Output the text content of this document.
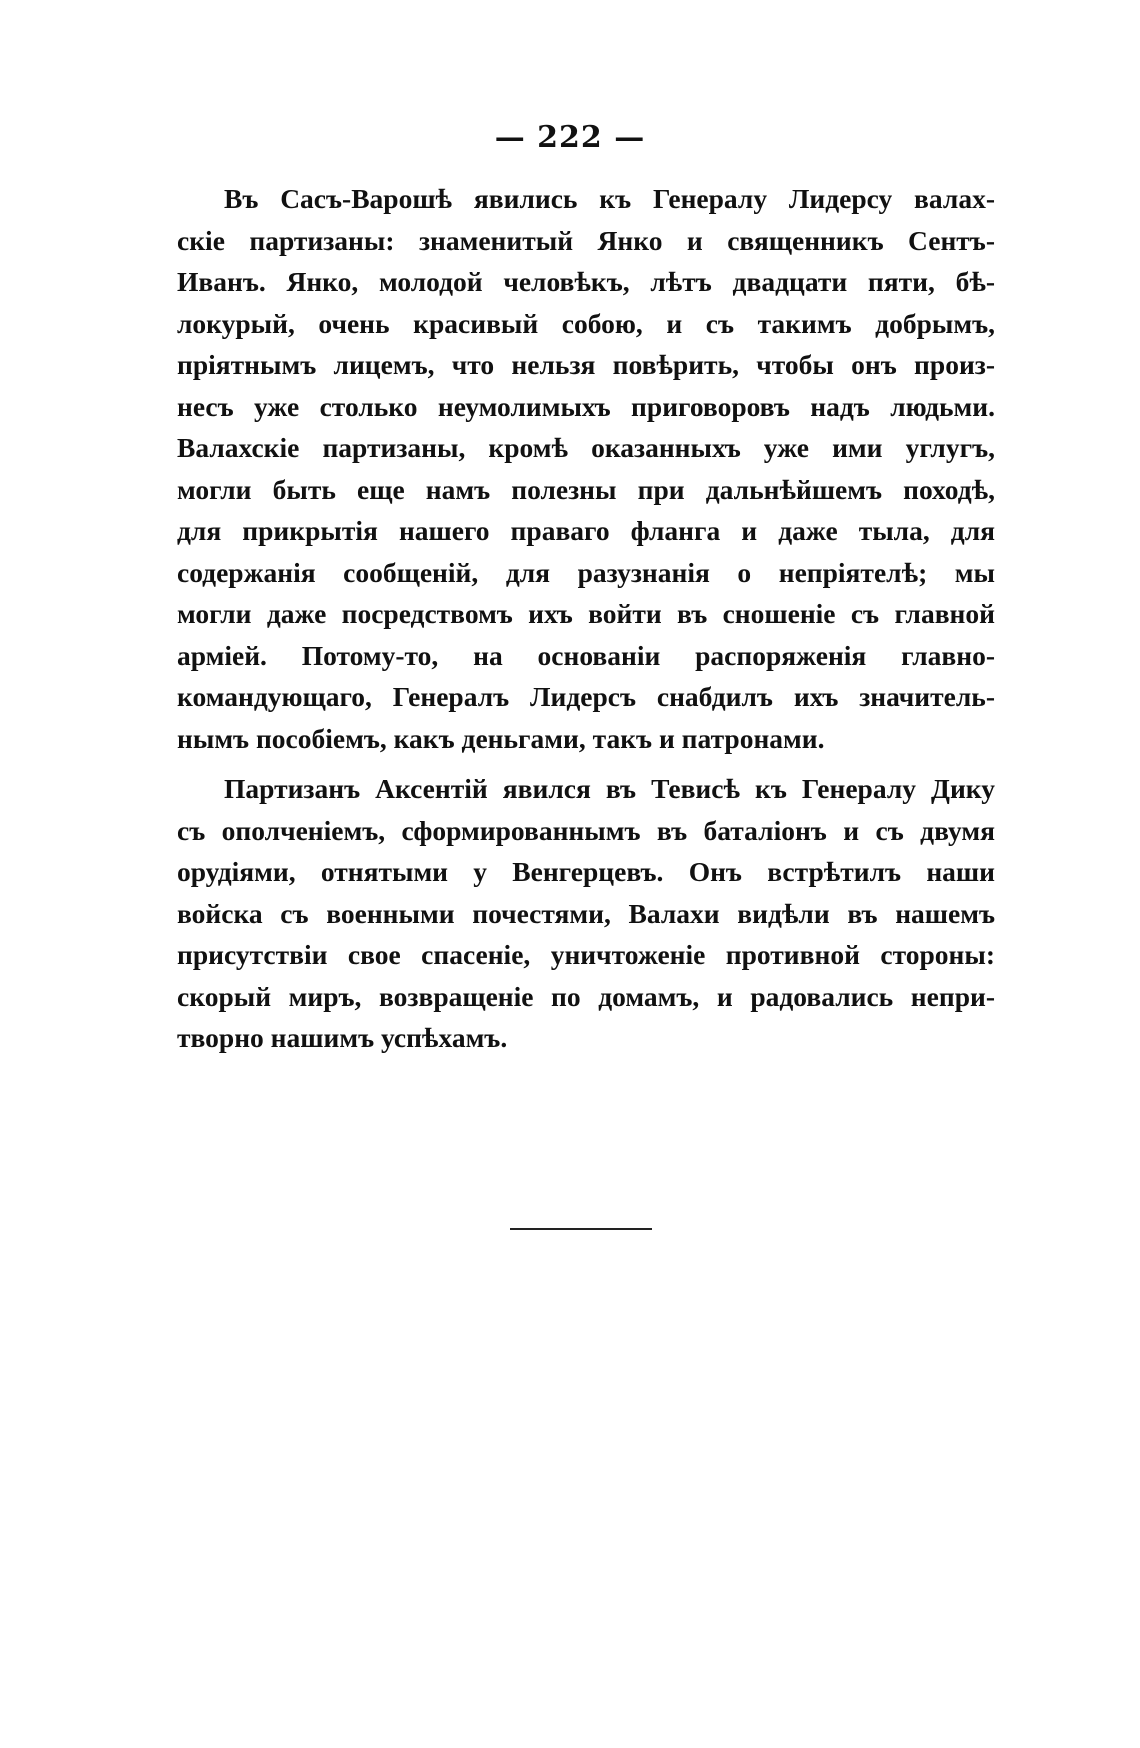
— 222 —
Въ Сасъ-Варошѣ явились къ Генералу Лидерсу валах-
скіе партизаны: знаменитый Янко и священникъ Сентъ-
Иванъ. Янко, молодой человѣкъ, лѣтъ двадцати пяти, бѣ-
локурый, очень красивый собою, и съ такимъ добрымъ,
пріятнымъ лицемъ, что нельзя повѣрить, чтобы онъ произ-
несъ уже столько неумолимыхъ приговоровъ надъ людьми.
Валахскіе партизаны, кромѣ оказанныхъ уже ими углугъ,
могли быть еще намъ полезны при дальнѣйшемъ походѣ,
для прикрытія нашего праваго фланга и даже тыла, для
содержанія сообщеній, для разузнанія о непріятелѣ; мы
могли даже посредствомъ ихъ войти въ сношеніе съ главной
арміей. Потому-то, на основаніи распоряженія главно-
командующаго, Генералъ Лидерсъ снабдилъ ихъ значитель-
нымъ пособіемъ, какъ деньгами, такъ и патронами.
Партизанъ Аксентій явился въ Тевисѣ къ Генералу Дику
съ ополченіемъ, сформированнымъ въ баталіонъ и съ двумя
орудіями, отнятыми у Венгерцевъ. Онъ встрѣтилъ наши
войска съ военными почестями, Валахи видѣли въ нашемъ
присутствіи свое спасеніе, уничтоженіе противной стороны:
скорый миръ, возвращеніе по домамъ, и радовались непри-
творно нашимъ успѣхамъ.
